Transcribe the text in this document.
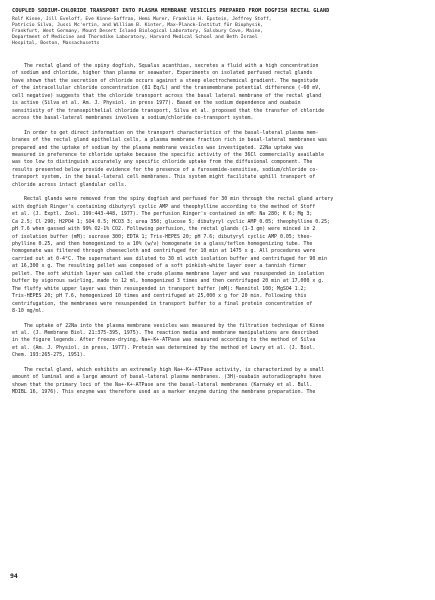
COUPLED SODIUM-CHLORIDE TRANSPORT INTO PLASMA MEMBRANE VESICLES PREPARED FROM DOGFISH RECTAL GLAND
Rolf Kinne, Jill Eveloff, Eve Kinne-Saffran, Hemi Murer, Franklin H. Epstein, Jeffrey Stoff,
Patricio Silva, Jussi Mc'ertin, and William B. Kinter, Max-Planck-Institut für Biophysik,
Frankfurt, West Germany, Mount Desert Island Biological Laboratory, Salsbury Cove, Maine,
Department of Medicine and Thorndike Laboratory, Harvard Medical School and Beth Israel
Hospital, Boston, Massachusetts

The rectal gland of the spiny dogfish, Squalus acanthias, secretes a fluid with a high concentration
of sodium and chloride, higher than plasma or seawater. Experiments on isolated perfused rectal glands
have shown that the secretion of chloride occurs against a steep electrochemical gradient. The magnitude
of the intracellular chloride concentration (81 Eq/L) and the transmembrane potential difference (-60 mV,
cell negative) suggests that the chloride transport across the basal lateral membrane of the rectal gland
is active (Silva et al. Am. J. Physiol. in press 1977). Based on the sodium dependence and ouabain
sensitivity of the transepithelial chloride transport, Silva et al. proposed that the transfer of chloride
across the basal-lateral membranes involves a sodium/chloride co-transport system.

In order to get direct information on the transport characteristics of the basal-lateral plasma mem-
branes of the rectal gland epithelial cells, a plasma membrane fraction rich in basal-lateral membranes was
prepared and the uptake of sodium by the plasma membrane vesicles was investigated. 22Na uptake was
measured in preference to chloride uptake because the specific activity of the 36Cl commercially available
was too low to distinguish accurately any specific chloride uptake from the diffusional component. The
results presented below provide evidence for the presence of a furosemide-sensitive, sodium/chloride co-
transport system, in the basal-lateral cell membranes. This system might facilitate uphill transport of
chloride across intact glandular cells.

Rectal glands were removed from the spiny dogfish and perfused for 30 min through the rectal gland artery
with dogfish Ringer's containing dibutyryl cyclic AMP and theophylline according to the method of Stoff
et al. (J. Exptl. Zool. 199:443-448, 1977). The perfusion Ringer's contained in mM: Na 280; K 6; Mg 3;
Ca 2.5; Cl 290; H2PO4 1; SO4 0.5; HCO3 3; urea 350; glucose 5; dibutyryl cyclic AMP 0.05; theophylline 0.25;
pH 7.6 when gassed with 99% O2-1% CO2. Following perfusion, the rectal glands (1-3 gm) were minced in 2
of isolation buffer (mM): sucrose 300; EDTA 1; Tris-HEPES 20; pH 7.6; dibutyryl cyclic AMP 0.05; theo-
phylline 0.25, and then homogenized to a 10% (w/v) homogenate in a glass/teflon homogenizing tube. The
homogenate was filtered through cheesecloth and centrifuged for 10 min at 1475 x g. All procedures were
carried out at 0-4°C. The supernatant was diluted to 30 ml with isolation buffer and centrifuged for 90 min
at 16,300 x g. The resulting pellet was composed of a soft pinkish-white layer over a tannish firmer
pellet. The soft whitish layer was called the crude plasma membrane layer and was resuspended in isolation
buffer by vigorous swirling, made to 12 ml, homogenized 3 times and then centrifuged 20 min at 17,000 x g.
The fluffy white upper layer was then resuspended in transport buffer (mM): Mannitol 100; MgSO4 1.2;
Tris-HEPES 20; pH 7.6, homogenized 10 times and centrifuged at 25,000 x g for 20 min. Following this
centrifugation, the membranes were resuspended in transport buffer to a final protein concentration of
8-10 mg/ml.

The uptake of 22Na into the plasma membrane vesicles was measured by the filtration technique of Kinne
et al. (J. Membrane Biol. 21:375-395, 1975). The reaction media and membrane manipulations are described
in the figure legends. After freeze-drying, Na+-K+-ATPase was measured according to the method of Silva
et al. (Am. J. Physiol. in press, 1977). Protein was determined by the method of Lowry et al. (J. Biol.
Chem. 193:265-275, 1951).

The rectal gland, which exhibits an extremely high Na+-K+-ATPase activity, is characterized by a small
amount of luminal and a large amount of basal-lateral plasma membranes. (3H)-ouabain autoradiographs have
shown that the primary loci of the Na+-K+-ATPase are the basal-lateral membranes (Karnaky et al. Bull.
MDIBL 16, 1976). This enzyme was therefore used as a marker enzyme during the membrane preparation. The

94
